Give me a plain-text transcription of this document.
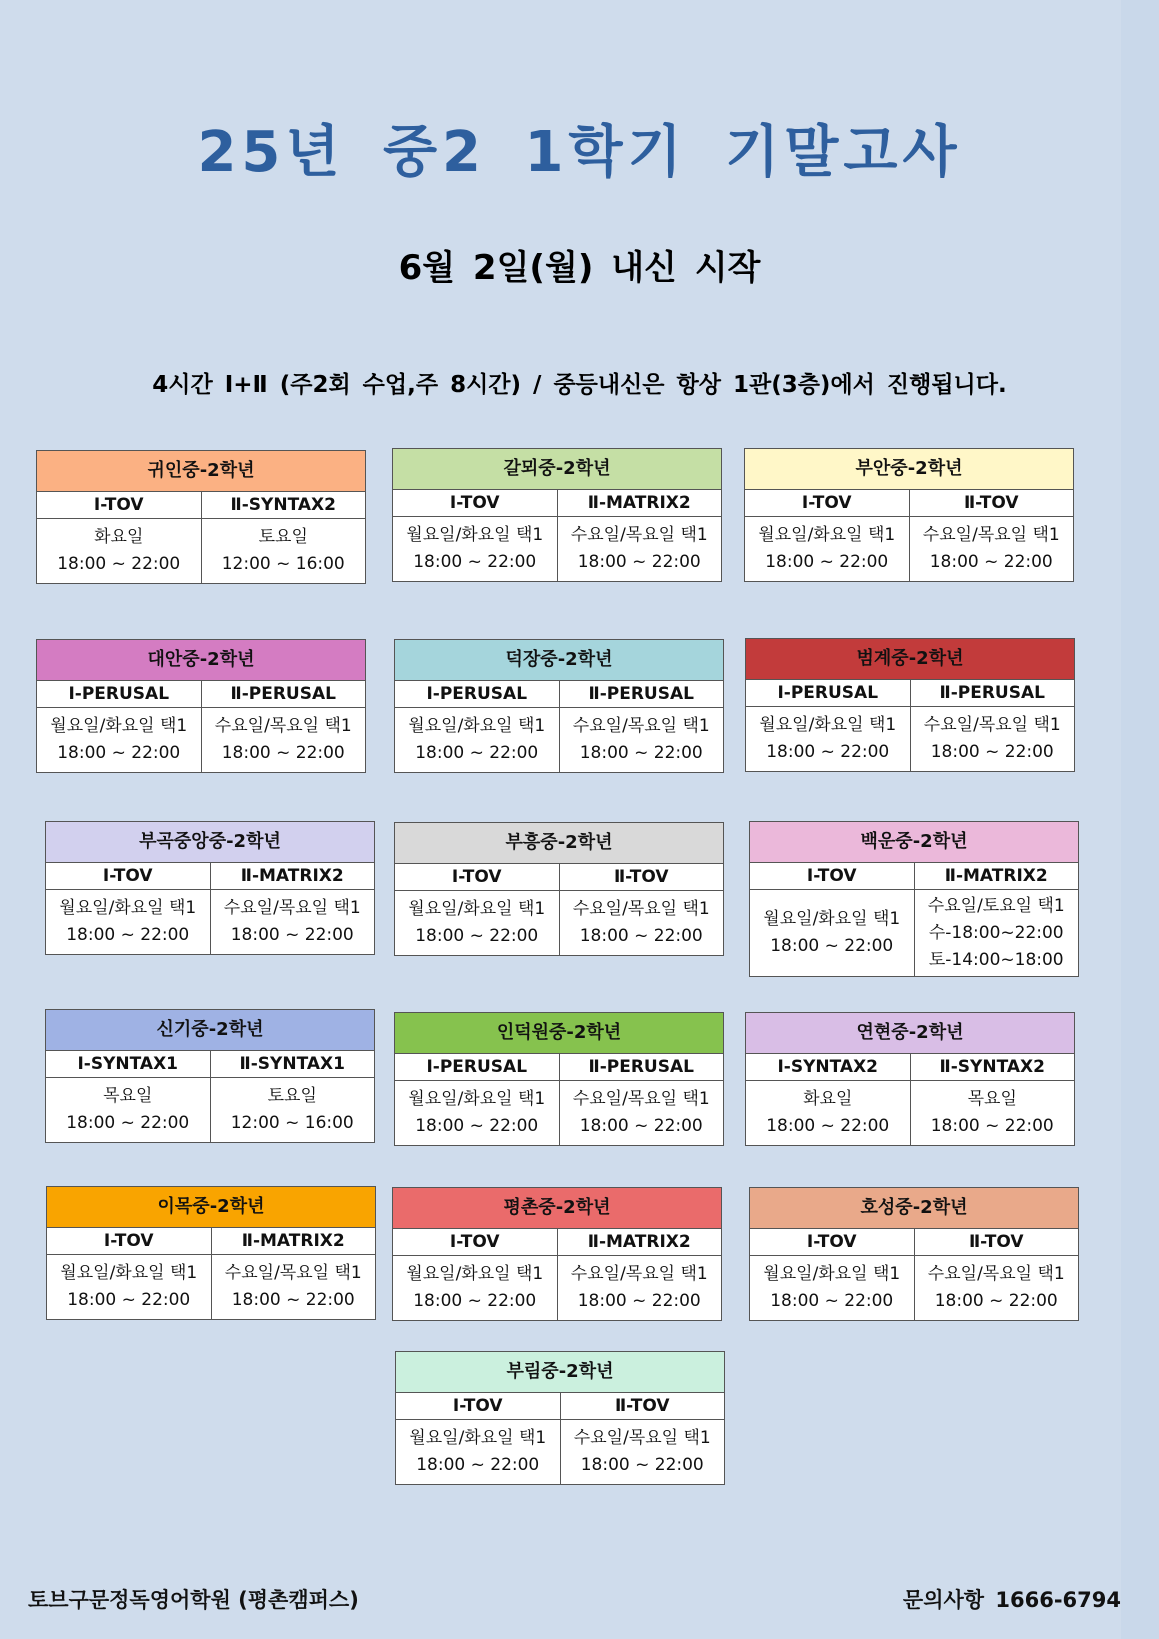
25년 중2 1학기 기말고사
6월 2일(월) 내신 시작
4시간 Ⅰ+Ⅱ (주2회 수업,주 8시간) / 중등내신은 항상 1관(3층)에서 진행됩니다.
귀인중-2학년
Ⅰ-TOV	Ⅱ-SYNTAX2
화요일
18:00 ~ 22:00
토요일
12:00 ~ 16:00
갈뫼중-2학년
Ⅰ-TOV	Ⅱ-MATRIX2
월요일/화요일 택1
18:00 ~ 22:00
수요일/목요일 택1
18:00 ~ 22:00
부안중-2학년
Ⅰ-TOV	Ⅱ-TOV
월요일/화요일 택1
18:00 ~ 22:00
수요일/목요일 택1
18:00 ~ 22:00
대안중-2학년
Ⅰ-PERUSAL	Ⅱ-PERUSAL
월요일/화요일 택1
18:00 ~ 22:00
수요일/목요일 택1
18:00 ~ 22:00
덕장중-2학년
Ⅰ-PERUSAL	Ⅱ-PERUSAL
월요일/화요일 택1
18:00 ~ 22:00
수요일/목요일 택1
18:00 ~ 22:00
범계중-2학년
Ⅰ-PERUSAL	Ⅱ-PERUSAL
월요일/화요일 택1
18:00 ~ 22:00
수요일/목요일 택1
18:00 ~ 22:00
부곡중앙중-2학년
Ⅰ-TOV	Ⅱ-MATRIX2
월요일/화요일 택1
18:00 ~ 22:00
수요일/목요일 택1
18:00 ~ 22:00
부흥중-2학년
Ⅰ-TOV	Ⅱ-TOV
월요일/화요일 택1
18:00 ~ 22:00
수요일/목요일 택1
18:00 ~ 22:00
백운중-2학년
Ⅰ-TOV	Ⅱ-MATRIX2
월요일/화요일 택1
18:00 ~ 22:00
수요일/토요일 택1
수-18:00~22:00
토-14:00~18:00
신기중-2학년
Ⅰ-SYNTAX1	Ⅱ-SYNTAX1
목요일
18:00 ~ 22:00
토요일
12:00 ~ 16:00
인덕원중-2학년
Ⅰ-PERUSAL	Ⅱ-PERUSAL
월요일/화요일 택1
18:00 ~ 22:00
수요일/목요일 택1
18:00 ~ 22:00
연현중-2학년
Ⅰ-SYNTAX2	Ⅱ-SYNTAX2
화요일
18:00 ~ 22:00
목요일
18:00 ~ 22:00
이목중-2학년
Ⅰ-TOV	Ⅱ-MATRIX2
월요일/화요일 택1
18:00 ~ 22:00
수요일/목요일 택1
18:00 ~ 22:00
평촌중-2학년
Ⅰ-TOV	Ⅱ-MATRIX2
월요일/화요일 택1
18:00 ~ 22:00
수요일/목요일 택1
18:00 ~ 22:00
호성중-2학년
Ⅰ-TOV	Ⅱ-TOV
월요일/화요일 택1
18:00 ~ 22:00
수요일/목요일 택1
18:00 ~ 22:00
부림중-2학년
Ⅰ-TOV	Ⅱ-TOV
월요일/화요일 택1
18:00 ~ 22:00
수요일/목요일 택1
18:00 ~ 22:00
토브구문정독영어학원 (평촌캠퍼스)	문의사항 1666-6794
